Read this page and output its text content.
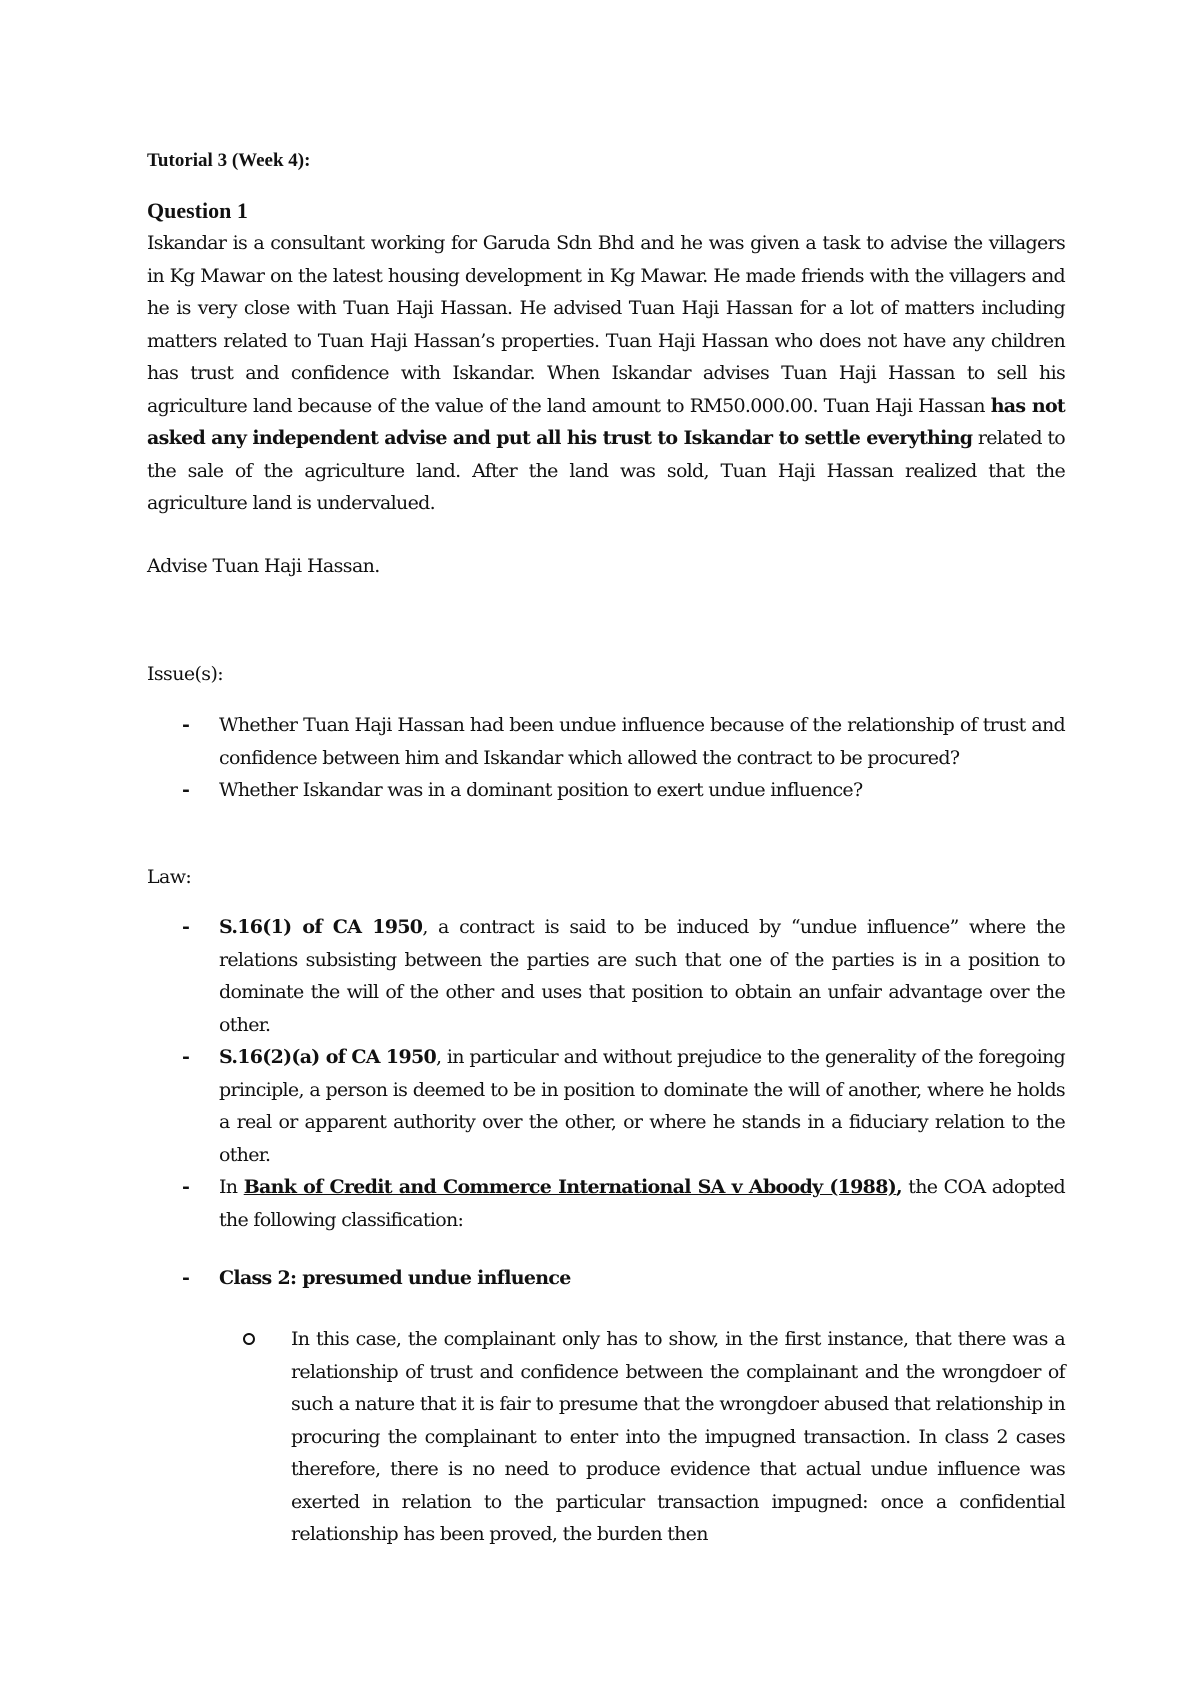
Tutorial 3 (Week 4):
Question 1
Iskandar is a consultant working for Garuda Sdn Bhd and he was given a task to advise the villagers in Kg Mawar on the latest housing development in Kg Mawar. He made friends with the villagers and he is very close with Tuan Haji Hassan. He advised Tuan Haji Hassan for a lot of matters including matters related to Tuan Haji Hassan’s properties. Tuan Haji Hassan who does not have any children has trust and confidence with Iskandar. When Iskandar advises Tuan Haji Hassan to sell his agriculture land because of the value of the land amount to RM50.000.00. Tuan Haji Hassan has not asked any independent advise and put all his trust to Iskandar to settle everything related to the sale of the agriculture land. After the land was sold, Tuan Haji Hassan realized that the agriculture land is undervalued.
Advise Tuan Haji Hassan.
Issue(s):
- Whether Tuan Haji Hassan had been undue influence because of the relationship of trust and confidence between him and Iskandar which allowed the contract to be procured?
- Whether Iskandar was in a dominant position to exert undue influence?
Law:
- S.16(1) of CA 1950, a contract is said to be induced by “undue influence” where the relations subsisting between the parties are such that one of the parties is in a position to dominate the will of the other and uses that position to obtain an unfair advantage over the other.
- S.16(2)(a) of CA 1950, in particular and without prejudice to the generality of the foregoing principle, a person is deemed to be in position to dominate the will of another, where he holds a real or apparent authority over the other, or where he stands in a fiduciary relation to the other.
- In Bank of Credit and Commerce International SA v Aboody (1988), the COA adopted the following classification:
- Class 2: presumed undue influence
In this case, the complainant only has to show, in the first instance, that there was a relationship of trust and confidence between the complainant and the wrongdoer of such a nature that it is fair to presume that the wrongdoer abused that relationship in procuring the complainant to enter into the impugned transaction. In class 2 cases therefore, there is no need to produce evidence that actual undue influence was exerted in relation to the particular transaction impugned: once a confidential relationship has been proved, the burden then
